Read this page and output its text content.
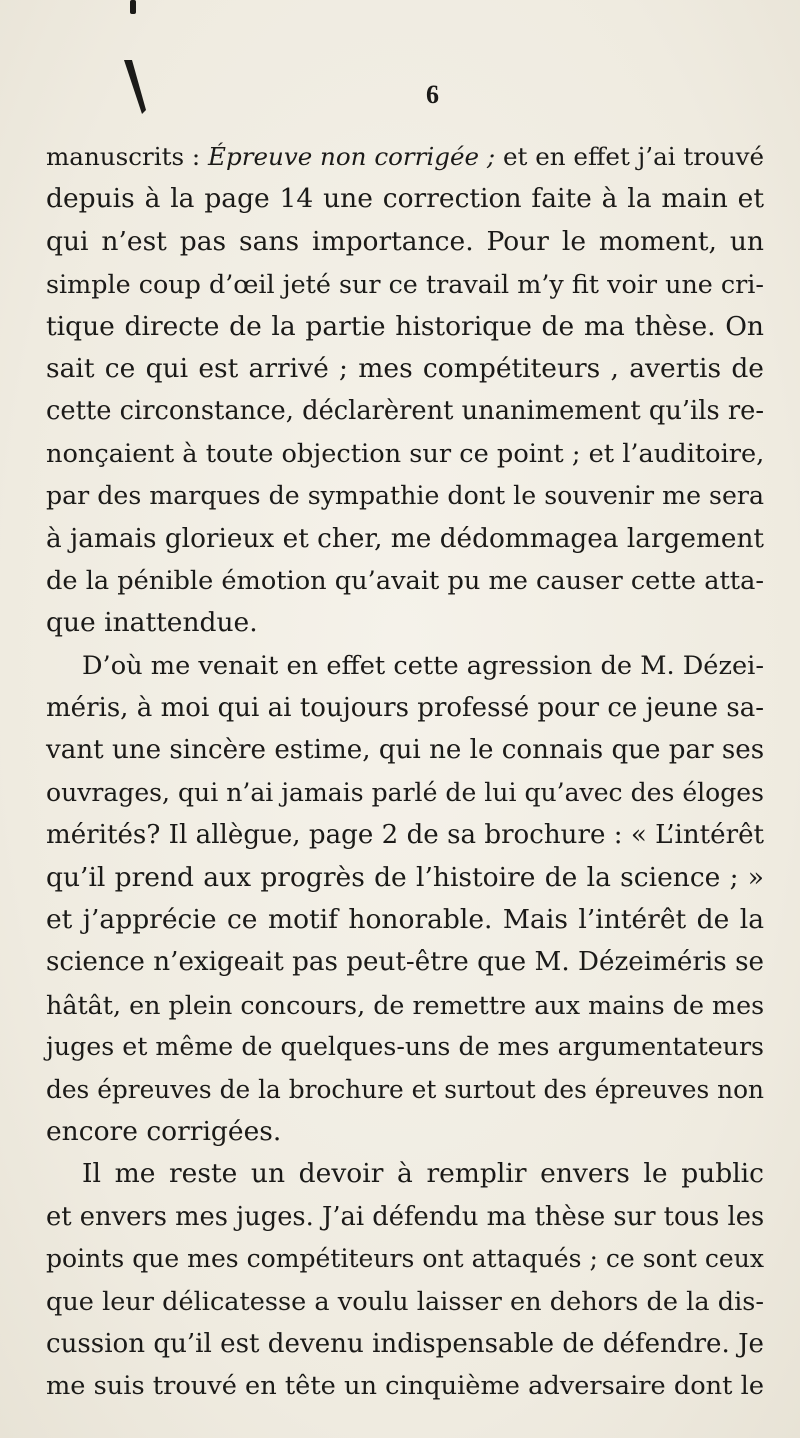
6
manuscrits : Épreuve non corrigée ; et en effet j’ai trouvé
depuis à la page 14 une correction faite à la main et
qui n’est pas sans importance. Pour le moment, un
simple coup d’œil jeté sur ce travail m’y fit voir une cri-
tique directe de la partie historique de ma thèse. On
sait ce qui est arrivé ; mes compétiteurs , avertis de
cette circonstance, déclarèrent unanimement qu’ils re-
nonçaient à toute objection sur ce point ; et l’auditoire,
par des marques de sympathie dont le souvenir me sera
à jamais glorieux et cher, me dédommagea largement
de la pénible émotion qu’avait pu me causer cette atta-
que inattendue.
D’où me venait en effet cette agression de M. Dézei-
méris, à moi qui ai toujours professé pour ce jeune sa-
vant une sincère estime, qui ne le connais que par ses
ouvrages, qui n’ai jamais parlé de lui qu’avec des éloges
mérités? Il allègue, page 2 de sa brochure : « L’intérêt
qu’il prend aux progrès de l’histoire de la science ; »
et j’apprécie ce motif honorable. Mais l’intérêt de la
science n’exigeait pas peut-être que M. Dézeiméris se
hâtât, en plein concours, de remettre aux mains de mes
juges et même de quelques-uns de mes argumentateurs
des épreuves de la brochure et surtout des épreuves non
encore corrigées.
Il me reste un devoir à remplir envers le public
et envers mes juges. J’ai défendu ma thèse sur tous les
points que mes compétiteurs ont attaqués ; ce sont ceux
que leur délicatesse a voulu laisser en dehors de la dis-
cussion qu’il est devenu indispensable de défendre. Je
me suis trouvé en tête un cinquième adversaire dont le
